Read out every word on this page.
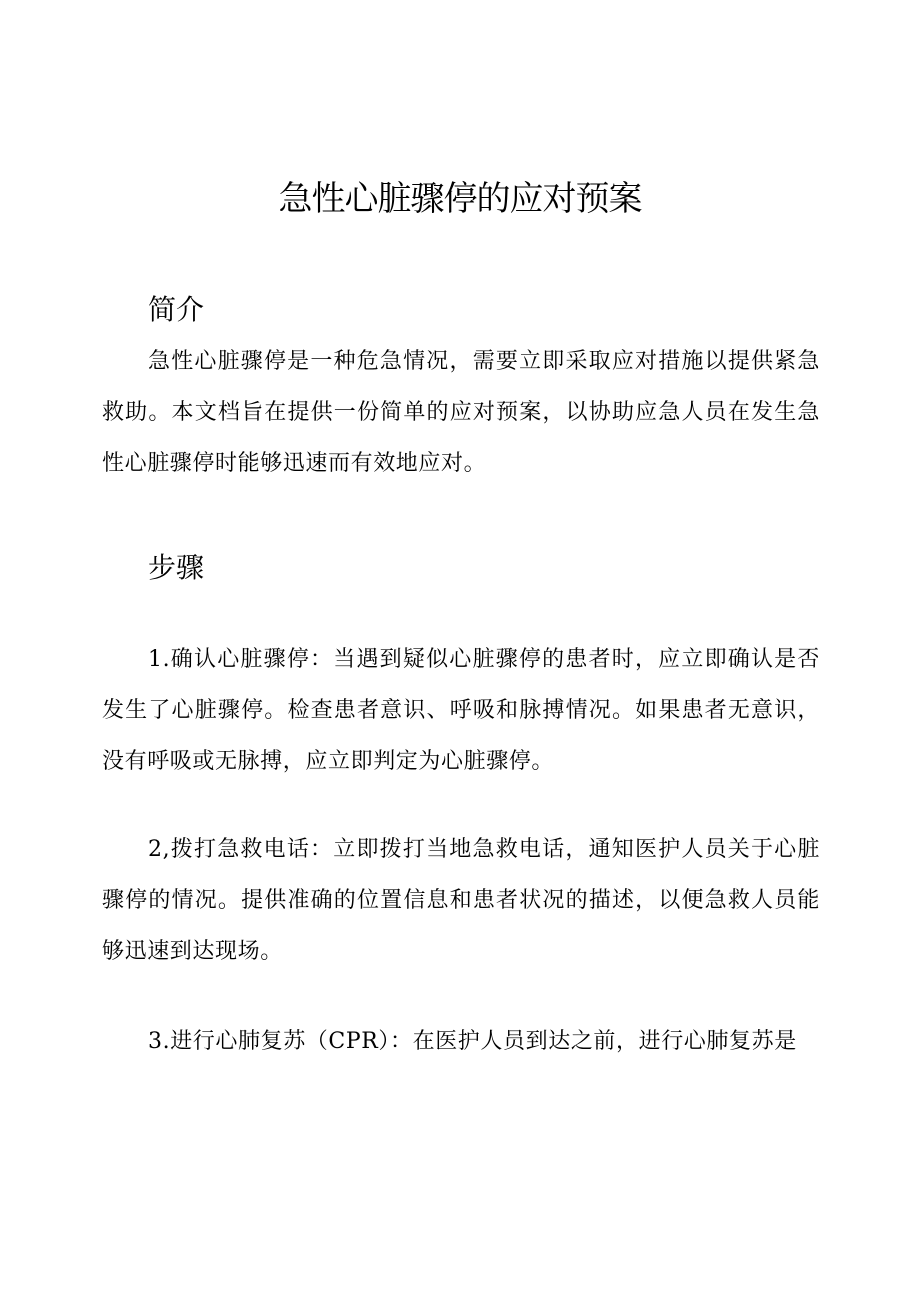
急性心脏骤停的应对预案
简介

急性心脏骤停是一种危急情况，需要立即采取应对措施以提供紧急救助。本文档旨在提供一份简单的应对预案，以协助应急人员在发生急性心脏骤停时能够迅速而有效地应对。

步骤

1.确认心脏骤停：当遇到疑似心脏骤停的患者时，应立即确认是否发生了心脏骤停。检查患者意识、呼吸和脉搏情况。如果患者无意识，没有呼吸或无脉搏，应立即判定为心脏骤停。

2,拨打急救电话：立即拨打当地急救电话，通知医护人员关于心脏骤停的情况。提供准确的位置信息和患者状况的描述，以便急救人员能够迅速到达现场。

3.进行心肺复苏（CPR）：在医护人员到达之前，进行心肺复苏是
